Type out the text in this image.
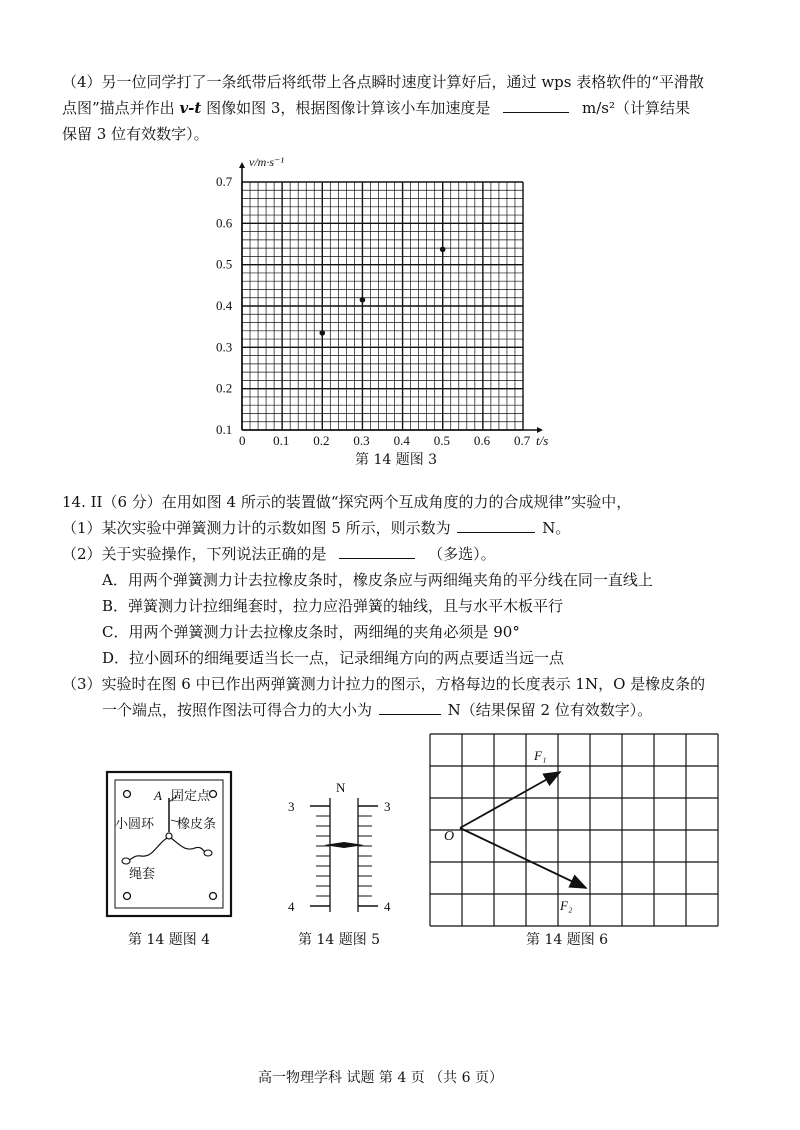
（4）另一位同学打了一条纸带后将纸带上各点瞬时速度计算好后，通过 wps 表格软件的“平滑散
点图”描点并作出 v-t 图像如图 3，根据图像计算该小车加速度是	m/s²（计算结果
保留 3 位有效数字）。
0.1 0.2 0.3 0.4 0.5 0.6 0.7
0.1
0.2
0.3
0.4
0.5
0.6
0.7
v/m·s⁻¹
t/s
0
第 14 题图 3
14. II（6 分）在用如图 4 所示的装置做“探究两个互成角度的力的合成规律”实验中，
（1）某次实验中弹簧测力计的示数如图 5 所示，则示数为	N。
（2）关于实验操作，下列说法正确的是	（多选）。
A．用两个弹簧测力计去拉橡皮条时，橡皮条应与两细绳夹角的平分线在同一直线上
B．弹簧测力计拉细绳套时，拉力应沿弹簧的轴线，且与水平木板平行
C．用两个弹簧测力计去拉橡皮条时，两细绳的夹角必须是 90°
D．拉小圆环的细绳要适当长一点，记录细绳方向的两点要适当远一点
（3）实验时在图 6 中已作出两弹簧测力计拉力的图示，方格每边的长度表示 1N，O 是橡皮条的
一个端点，按照作图法可得合力的大小为	N（结果保留 2 位有效数字）。
A 固定点
小圆环 橡皮条
绳套
第 14 题图 4
N
3	3
4	4
第 14 题图 5
O
F₁
F₂
第 14 题图 6
高一物理学科 试题 第 4 页 （共 6 页）
